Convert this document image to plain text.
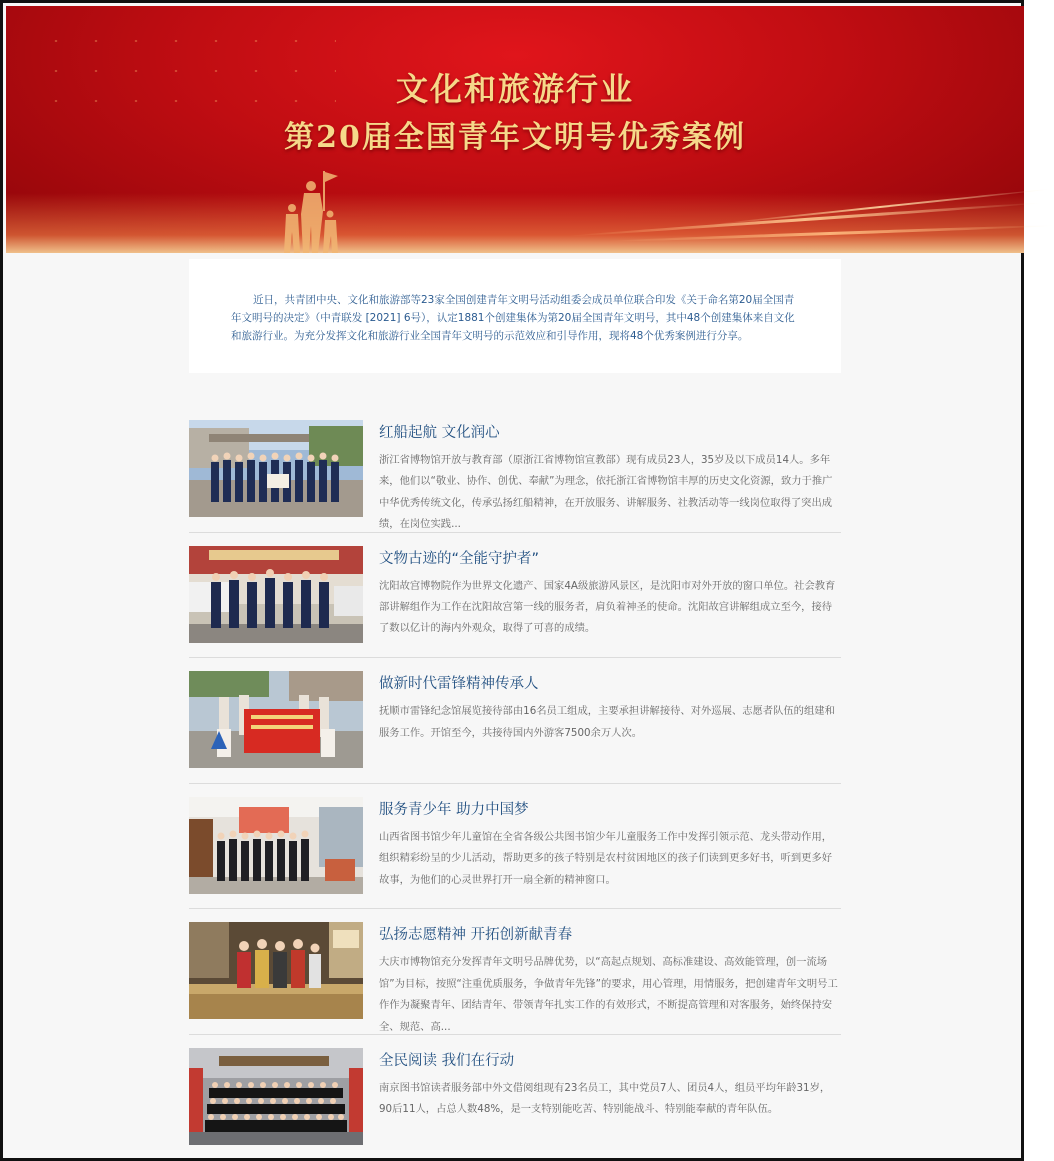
文化和旅游行业
第20届全国青年文明号优秀案例
近日，共青团中央、文化和旅游部等23家全国创建青年文明号活动组委会成员单位联合印发《关于命名第20届全国青年文明号的决定》（中青联发 [2021] 6号），认定1881个创建集体为第20届全国青年文明号，其中48个创建集体来自文化和旅游行业。为充分发挥文化和旅游行业全国青年文明号的示范效应和引导作用，现将48个优秀案例进行分享。
红船起航 文化润心
浙江省博物馆开放与教育部（原浙江省博物馆宣教部）现有成员23人，35岁及以下成员14人。多年来，他们以“敬业、协作、创优、奉献”为理念，依托浙江省博物馆丰厚的历史文化资源，致力于推广中华优秀传统文化，传承弘扬红船精神，在开放服务、讲解服务、社教活动等一线岗位取得了突出成绩，在岗位实践...
文物古迹的“全能守护者”
沈阳故宫博物院作为世界文化遗产、国家4A级旅游风景区，是沈阳市对外开放的窗口单位。社会教育部讲解组作为工作在沈阳故宫第一线的服务者，肩负着神圣的使命。沈阳故宫讲解组成立至今，接待了数以亿计的海内外观众，取得了可喜的成绩。
做新时代雷锋精神传承人
抚顺市雷锋纪念馆展览接待部由16名员工组成，主要承担讲解接待、对外巡展、志愿者队伍的组建和服务工作。开馆至今，共接待国内外游客7500余万人次。
服务青少年 助力中国梦
山西省图书馆少年儿童馆在全省各级公共图书馆少年儿童服务工作中发挥引领示范、龙头带动作用，组织精彩纷呈的少儿活动，帮助更多的孩子特别是农村贫困地区的孩子们读到更多好书，听到更多好故事，为他们的心灵世界打开一扇全新的精神窗口。
弘扬志愿精神 开拓创新献青春
大庆市博物馆充分发挥青年文明号品牌优势，以“高起点规划、高标准建设、高效能管理，创一流场馆”为目标，按照“注重优质服务，争做青年先锋”的要求，用心管理，用情服务，把创建青年文明号工作作为凝聚青年、团结青年、带领青年扎实工作的有效形式，不断提高管理和对客服务，始终保持安全、规范、高...
全民阅读 我们在行动
南京图书馆读者服务部中外文借阅组现有23名员工，其中党员7人、团员4人，组员平均年龄31岁，90后11人，占总人数48%，是一支特别能吃苦、特别能战斗、特别能奉献的青年队伍。
